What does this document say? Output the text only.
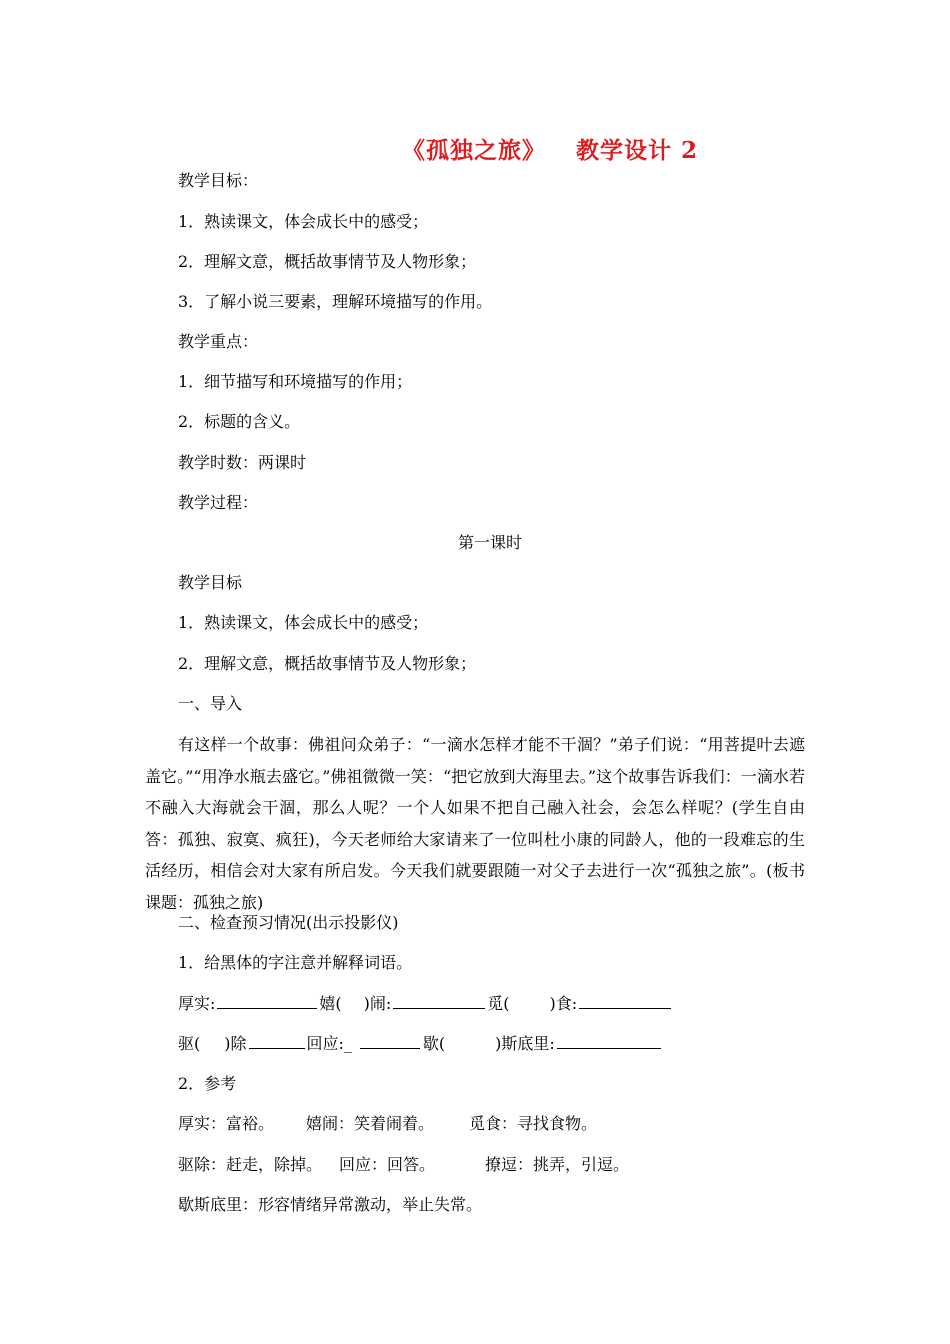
《孤独之旅》 教学设计 2
教学目标：
1．熟读课文，体会成长中的感受；
2．理解文意，概括故事情节及人物形象；
3．了解小说三要素，理解环境描写的作用。
教学重点：
1．细节描写和环境描写的作用；
2．标题的含义。
教学时数：两课时
教学过程：
第一课时
教学目标
1．熟读课文，体会成长中的感受；
2．理解文意，概括故事情节及人物形象；
一、导入
有这样一个故事：佛祖问众弟子：“一滴水怎样才能不干涸？”弟子们说：“用菩提叶去遮盖它。”“用净水瓶去盛它。”佛祖微微一笑：“把它放到大海里去。”这个故事告诉我们：一滴水若不融入大海就会干涸，那么人呢？一个人如果不把自己融入社会，会怎么样呢？(学生自由答：孤独、寂寞、疯狂)，今天老师给大家请来了一位叫杜小康的同龄人，他的一段难忘的生活经历，相信会对大家有所启发。今天我们就要跟随一对父子去进行一次“孤独之旅”。(板书课题：孤独之旅)
二、检查预习情况(出示投影仪)
1．给黑体的字注意并解释词语。
厚实:	嬉( )闹:	觅(	)食:
驱( )除	回应:_	歇(	)斯底里:
2．参考
厚实：富裕。 嬉闹：笑着闹着。 觅食：寻找食物。
驱除：赶走，除掉。 回应：回答。	撩逗：挑弄，引逗。
歇斯底里：形容情绪异常激动，举止失常。
